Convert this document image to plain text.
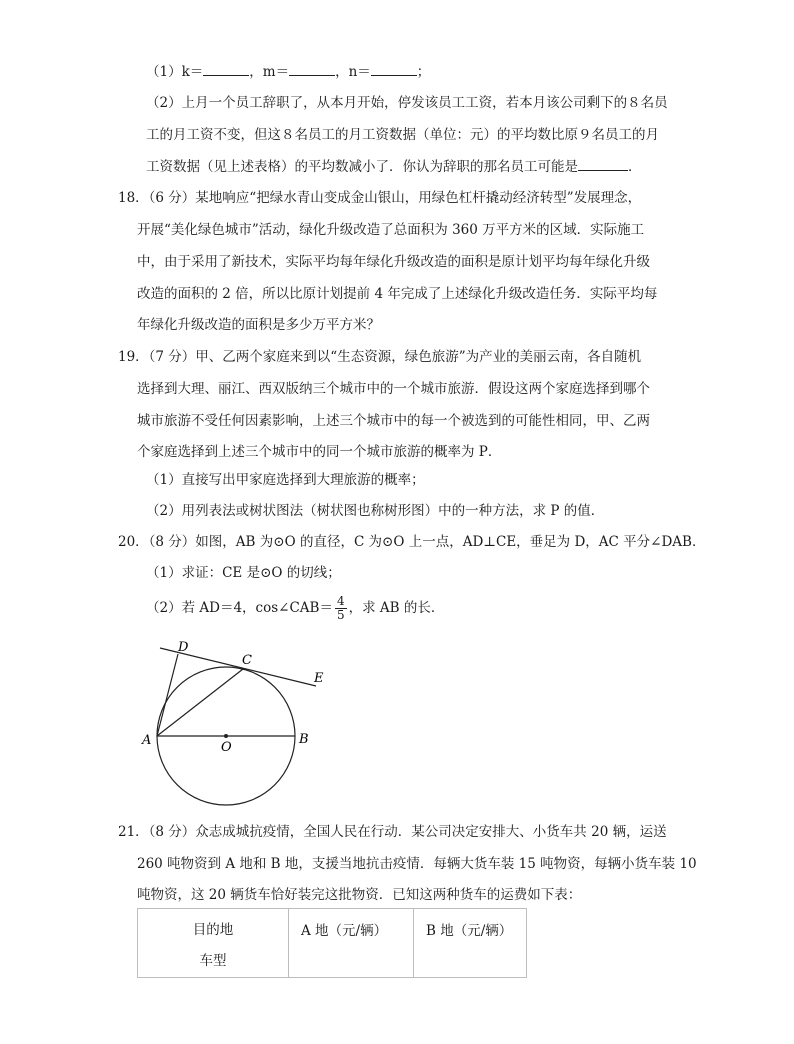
（1）k＝	，m＝	，n＝	；
（2）上月一个员工辞职了，从本月开始，停发该员工工资，若本月该公司剩下的８名员
工的月工资不变，但这８名员工的月工资数据（单位：元）的平均数比原９名员工的月
工资数据（见上述表格）的平均数减小了．你认为辞职的那名员工可能是	．
18．（6 分）某地响应“把绿水青山变成金山银山，用绿色杠杆撬动经济转型”发展理念，
开展“美化绿色城市”活动，绿化升级改造了总面积为 360 万平方米的区域．实际施工
中，由于采用了新技术，实际平均每年绿化升级改造的面积是原计划平均每年绿化升级
改造的面积的 2 倍，所以比原计划提前 4 年完成了上述绿化升级改造任务．实际平均每
年绿化升级改造的面积是多少万平方米？
19．（7 分）甲、乙两个家庭来到以“生态资源，绿色旅游”为产业的美丽云南，各自随机
选择到大理、丽江、西双版纳三个城市中的一个城市旅游．假设这两个家庭选择到哪个
城市旅游不受任何因素影响，上述三个城市中的每一个被选到的可能性相同，甲、乙两
个家庭选择到上述三个城市中的同一个城市旅游的概率为 P．
（1）直接写出甲家庭选择到大理旅游的概率；
（2）用列表法或树状图法（树状图也称树形图）中的一种方法，求 P 的值．
20．（8 分）如图，AB 为⊙O 的直径，C 为⊙O 上一点，AD⊥CE，垂足为 D，AC 平分∠DAB．
（1）求证：CE 是⊙O 的切线；
（2）若 AD＝4，cos∠CAB＝ $\frac{4}{5}$ ，求 AB 的长．
D
C
E
A	O
B
21．（8 分）众志成城抗疫情，全国人民在行动．某公司决定安排大、小货车共 20 辆，运送
260 吨物资到 A 地和 B 地，支援当地抗击疫情．每辆大货车装 15 吨物资，每辆小货车装 10
吨物资，这 20 辆货车恰好装完这批物资．已知这两种货车的运费如下表：
目的地
车型
	A 地（元/辆）	B 地（元/辆）
